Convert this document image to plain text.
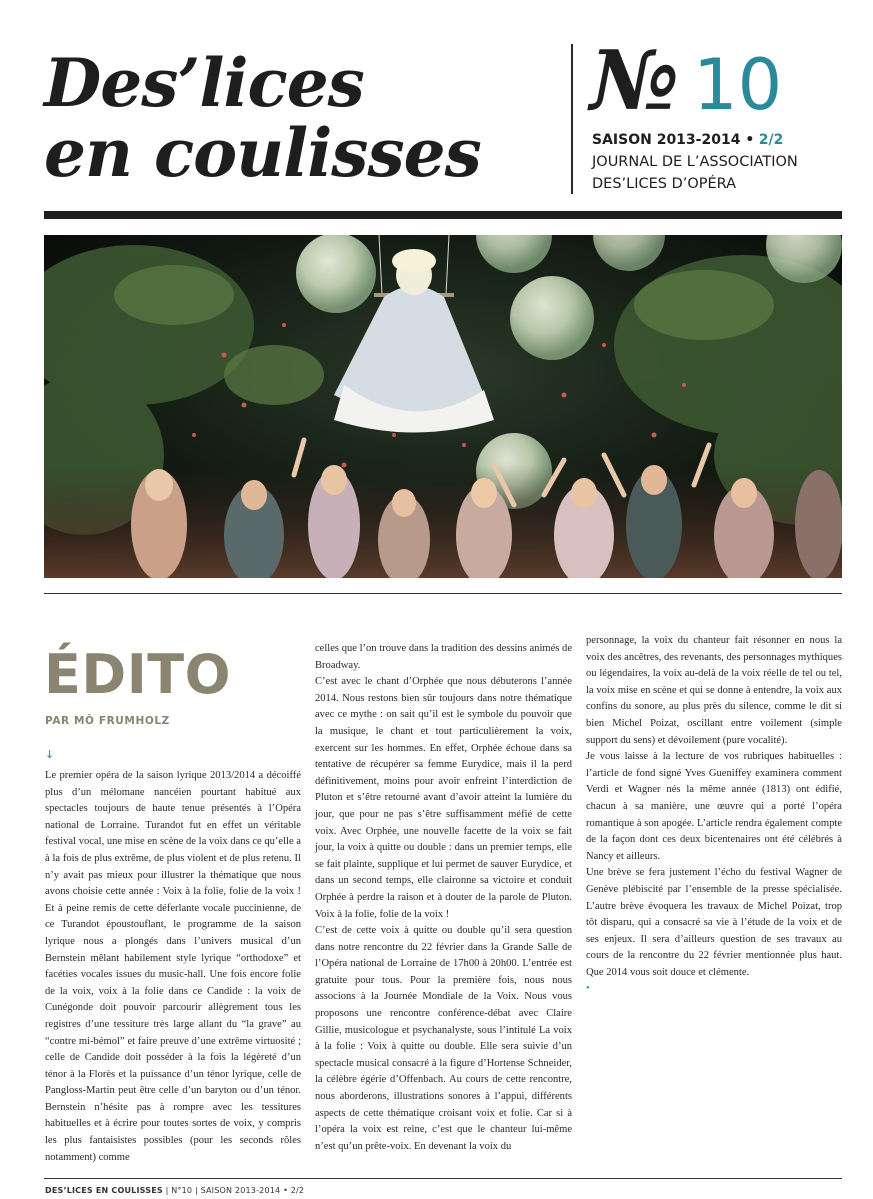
Des’lices
en coulisses
№ 10
SAISON 2013-2014 • 2/2
JOURNAL DE L’ASSOCIATION
DES’LICES D’OPÉRA
ÉDITO
PAR MÔ FRUMHOLZ
↓

Le premier opéra de la saison lyrique 2013/2014 a décoiffé plus d’un mélomane nancéien pourtant habitué aux spectacles toujours de haute tenue présentés à l’Opéra national de Lorraine. Turandot fut en effet un véritable festival vocal, une mise en scène de la voix dans ce qu’elle a à la fois de plus extrême, de plus violent et de plus retenu. Il n’y avait pas mieux pour illustrer la thématique que nous avons choisie cette année : Voix à la folie, folie de la voix ! Et à peine remis de cette déferlante vocale puccinienne, de ce Turandot époustouflant, le programme de la saison lyrique nous a plongés dans l’univers musical d’un Bernstein mêlant habilement style lyrique “orthodoxe” et facéties vocales issues du music-hall. Une fois encore folie de la voix, voix à la folie dans ce Candide : la voix de Cunégonde doit pouvoir parcourir allègrement tous les registres d’une tessiture très large allant du “la grave” au “contre mi-bémol” et faire preuve d’une extrême virtuosité ; celle de Candide doit posséder à la fois la légèreté d’un ténor à la Florès et la puissance d’un ténor lyrique, celle de Pangloss-Martin peut être celle d’un baryton ou d’un ténor. Bernstein n’hésite pas à rompre avec les tessitures habituelles et à écrire pour toutes sortes de voix, y compris les plus fantaisistes possibles (pour les seconds rôles notamment) comme

celles que l’on trouve dans la tradition des dessins animés de Broadway.

C’est avec le chant d’Orphée que nous débuterons l’année 2014. Nous restons bien sûr toujours dans notre thématique avec ce mythe : on sait qu’il est le symbole du pouvoir que la musique, le chant et tout particulièrement la voix, exercent sur les hommes. En effet, Orphée échoue dans sa tentative de récupérer sa femme Eurydice, mais il la perd définitivement, moins pour avoir enfreint l’interdiction de Pluton et s’être retourné avant d’avoir atteint la lumière du jour, que pour ne pas s’être suffisamment méfié de cette voix. Avec Orphée, une nouvelle facette de la voix se fait jour, la voix à quitte ou double : dans un premier temps, elle se fait plainte, supplique et lui permet de sauver Eurydice, et dans un second temps, elle claironne sa victoire et conduit Orphée à perdre la raison et à douter de la parole de Pluton. Voix à la folie, folie de la voix !

C’est de cette voix à quitte ou double qu’il sera question dans notre rencontre du 22 février dans la Grande Salle de l’Opéra national de Lorraine de 17h00 à 20h00. L’entrée est gratuite pour tous. Pour la première fois, nous nous associons à la Journée Mondiale de la Voix. Nous vous proposons une rencontre conférence-débat avec Claire Gillie, musicologue et psychanalyste, sous l’intitulé La voix à la folie : Voix à quitte ou double. Elle sera suivie d’un spectacle musical consacré à la figure d’Hortense Schneider, la célèbre égérie d’Offenbach. Au cours de cette rencontre, nous aborderons, illustrations sonores à l’appui, différents aspects de cette thématique croisant voix et folie. Car si à l’opéra la voix est reine, c’est que le chanteur lui-même n’est qu’un prête-voix. En devenant la voix du

personnage, la voix du chanteur fait résonner en nous la voix des ancêtres, des revenants, des personnages mythiques ou légendaires, la voix au-delà de la voix réelle de tel ou tel, la voix mise en scène et qui se donne à entendre, la voix aux confins du sonore, au plus près du silence, comme le dit si bien Michel Poizat, oscillant entre voilement (simple support du sens) et dévoilement (pure vocalité).

Je vous laisse à la lecture de vos rubriques habituelles : l’article de fond signé Yves Gueniffey examinera comment Verdi et Wagner nés la même année (1813) ont édifié, chacun à sa manière, une œuvre qui a porté l’opéra romantique à son apogée. L’article rendra également compte de la façon dont ces deux bicentenaires ont été célébrés à Nancy et ailleurs.

Une brève se fera justement l’écho du festival Wagner de Genève plébiscité par l’ensemble de la presse spécialisée. L’autre brève évoquera les travaux de Michel Poizat, trop tôt disparu, qui a consacré sa vie à l’étude de la voix et de ses enjeux. Il sera d’ailleurs question de ses travaux au cours de la rencontre du 22 février mentionnée plus haut. Que 2014 vous soit douce et clémente.

•

DES’LICES EN COULISSES | N°10 | SAISON 2013-2014 • 2/2
